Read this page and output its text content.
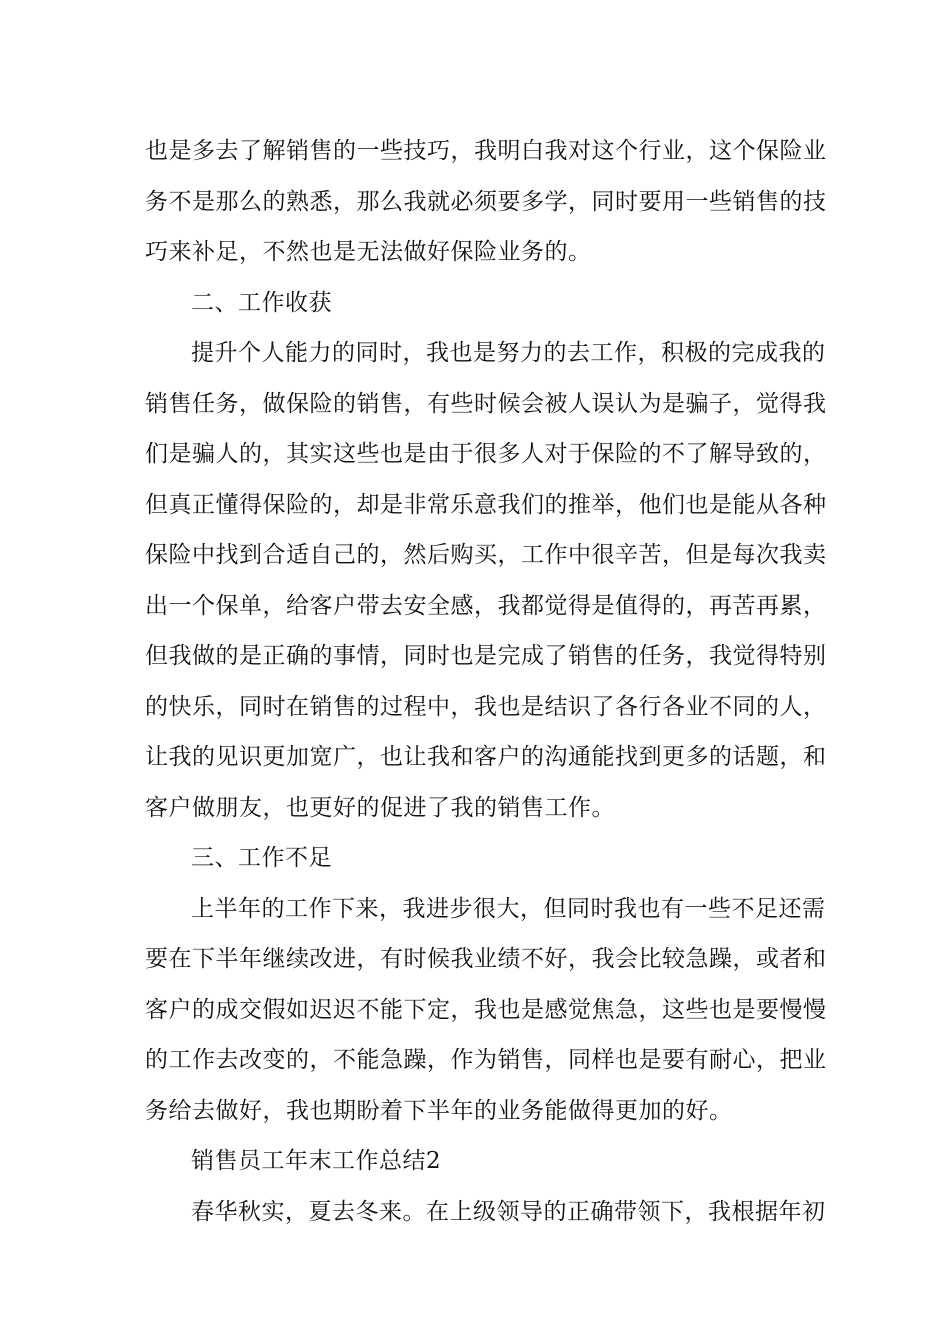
也是多去了解销售的一些技巧，我明白我对这个行业，这个保险业
务不是那么的熟悉，那么我就必须要多学，同时要用一些销售的技
巧来补足，不然也是无法做好保险业务的。
二、工作收获
提升个人能力的同时，我也是努力的去工作，积极的完成我的
销售任务，做保险的销售，有些时候会被人误认为是骗子，觉得我
们是骗人的，其实这些也是由于很多人对于保险的不了解导致的，
但真正懂得保险的，却是非常乐意我们的推举，他们也是能从各种
保险中找到合适自己的，然后购买，工作中很辛苦，但是每次我卖
出一个保单，给客户带去安全感，我都觉得是值得的，再苦再累，
但我做的是正确的事情，同时也是完成了销售的任务，我觉得特别
的快乐，同时在销售的过程中，我也是结识了各行各业不同的人，
让我的见识更加宽广，也让我和客户的沟通能找到更多的话题，和
客户做朋友，也更好的促进了我的销售工作。
三、工作不足
上半年的工作下来，我进步很大，但同时我也有一些不足还需
要在下半年继续改进，有时候我业绩不好，我会比较急躁，或者和
客户的成交假如迟迟不能下定，我也是感觉焦急，这些也是要慢慢
的工作去改变的，不能急躁，作为销售，同样也是要有耐心，把业
务给去做好，我也期盼着下半年的业务能做得更加的好。
销售员工年末工作总结2
春华秋实，夏去冬来。在上级领导的正确带领下，我根据年初
